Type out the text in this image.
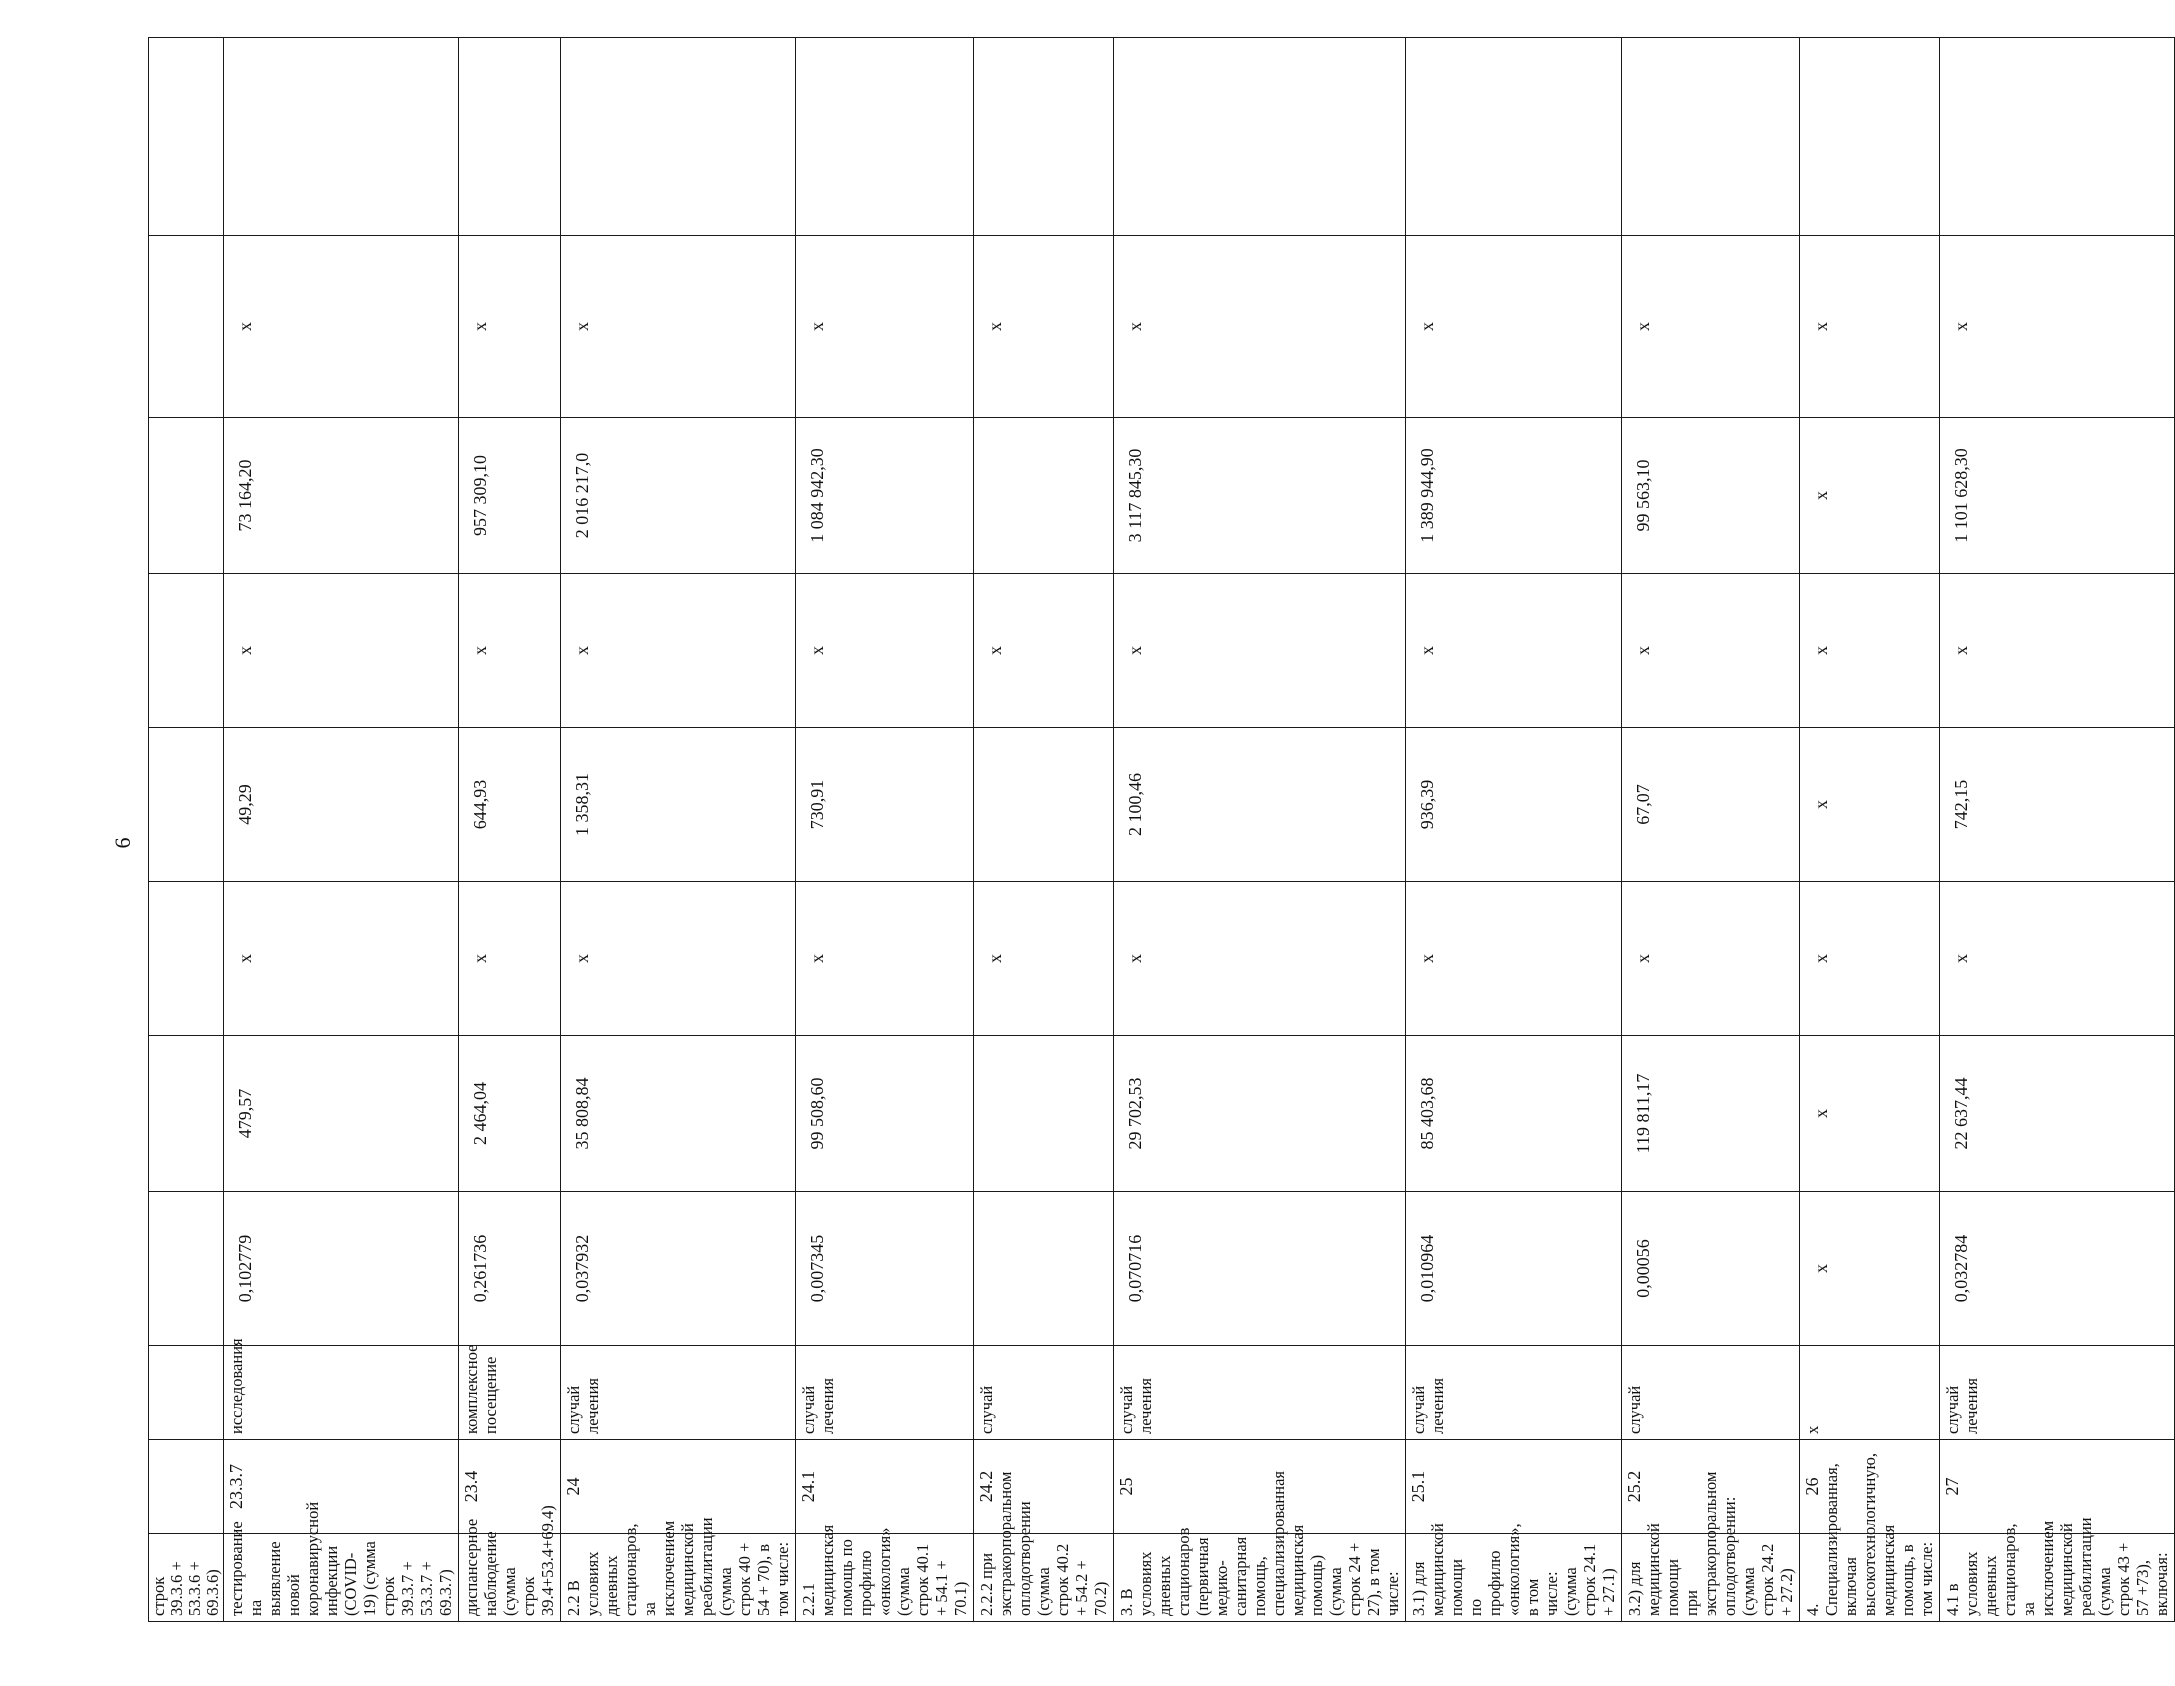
6
строк 39.3.6 + 53.3.6 + 69.3.6)										
тестирование на выявление новой коронавирусной инфекции (COVID-19) (сумма строк 39.3.7 + 53.3.7 + 69.3.7)	23.3.7	исследования	0,102779	479,57	x	49,29	x	73 164,20	x	
диспансерное наблюдение (сумма строк 39.4+53.4+69.4)	23.4	комплексное посещение	0,261736	2 464,04	x	644,93	x	957 309,10	x	
2.2 В условиях дневных стационаров, за исключением медицинской реабилитации (сумма строк 40 + 54 + 70), в том числе:	24	случай лечения	0,037932	35 808,84	x	1 358,31	x	2 016 217,0	x	
2.2.1 медицинская помощь по профилю «онкология» (сумма строк 40.1 + 54.1 + 70.1)	24.1	случай лечения	0,007345	99 508,60	x	730,91	x	1 084 942,30	x	
2.2.2 при экстракорпоральном оплодотворении (сумма строк 40.2 + 54.2 + 70.2)	24.2	случай			x		x		x	
3. В условиях дневных стационаров (первичная медико-санитарная помощь, специализированная медицинская помощь) (сумма строк 24 + 27), в том числе:	25	случай лечения	0,070716	29 702,53	x	2 100,46	x	3 117 845,30	x	
3.1) для медицинской помощи по профилю «онкология», в том числе: (сумма строк 24.1 + 27.1)	25.1	случай лечения	0,010964	85 403,68	x	936,39	x	1 389 944,90	x	
3.2) для медицинской помощи при экстракорпоральном оплодотворении: (сумма строк 24.2 + 27.2)	25.2	случай	0,00056	119 811,17	x	67,07	x	99 563,10	x	
4. Специализированная, включая высокотехнологичную, медицинская помощь, в том числе:	26	x	x	x	x	x	x	x	x	
4.1 в условиях дневных стационаров, за исключением медицинской реабилитации (сумма строк 43 + 57 +73), включая:	27	случай лечения	0,032784	22 637,44	x	742,15	x	1 101 628,30	x	
